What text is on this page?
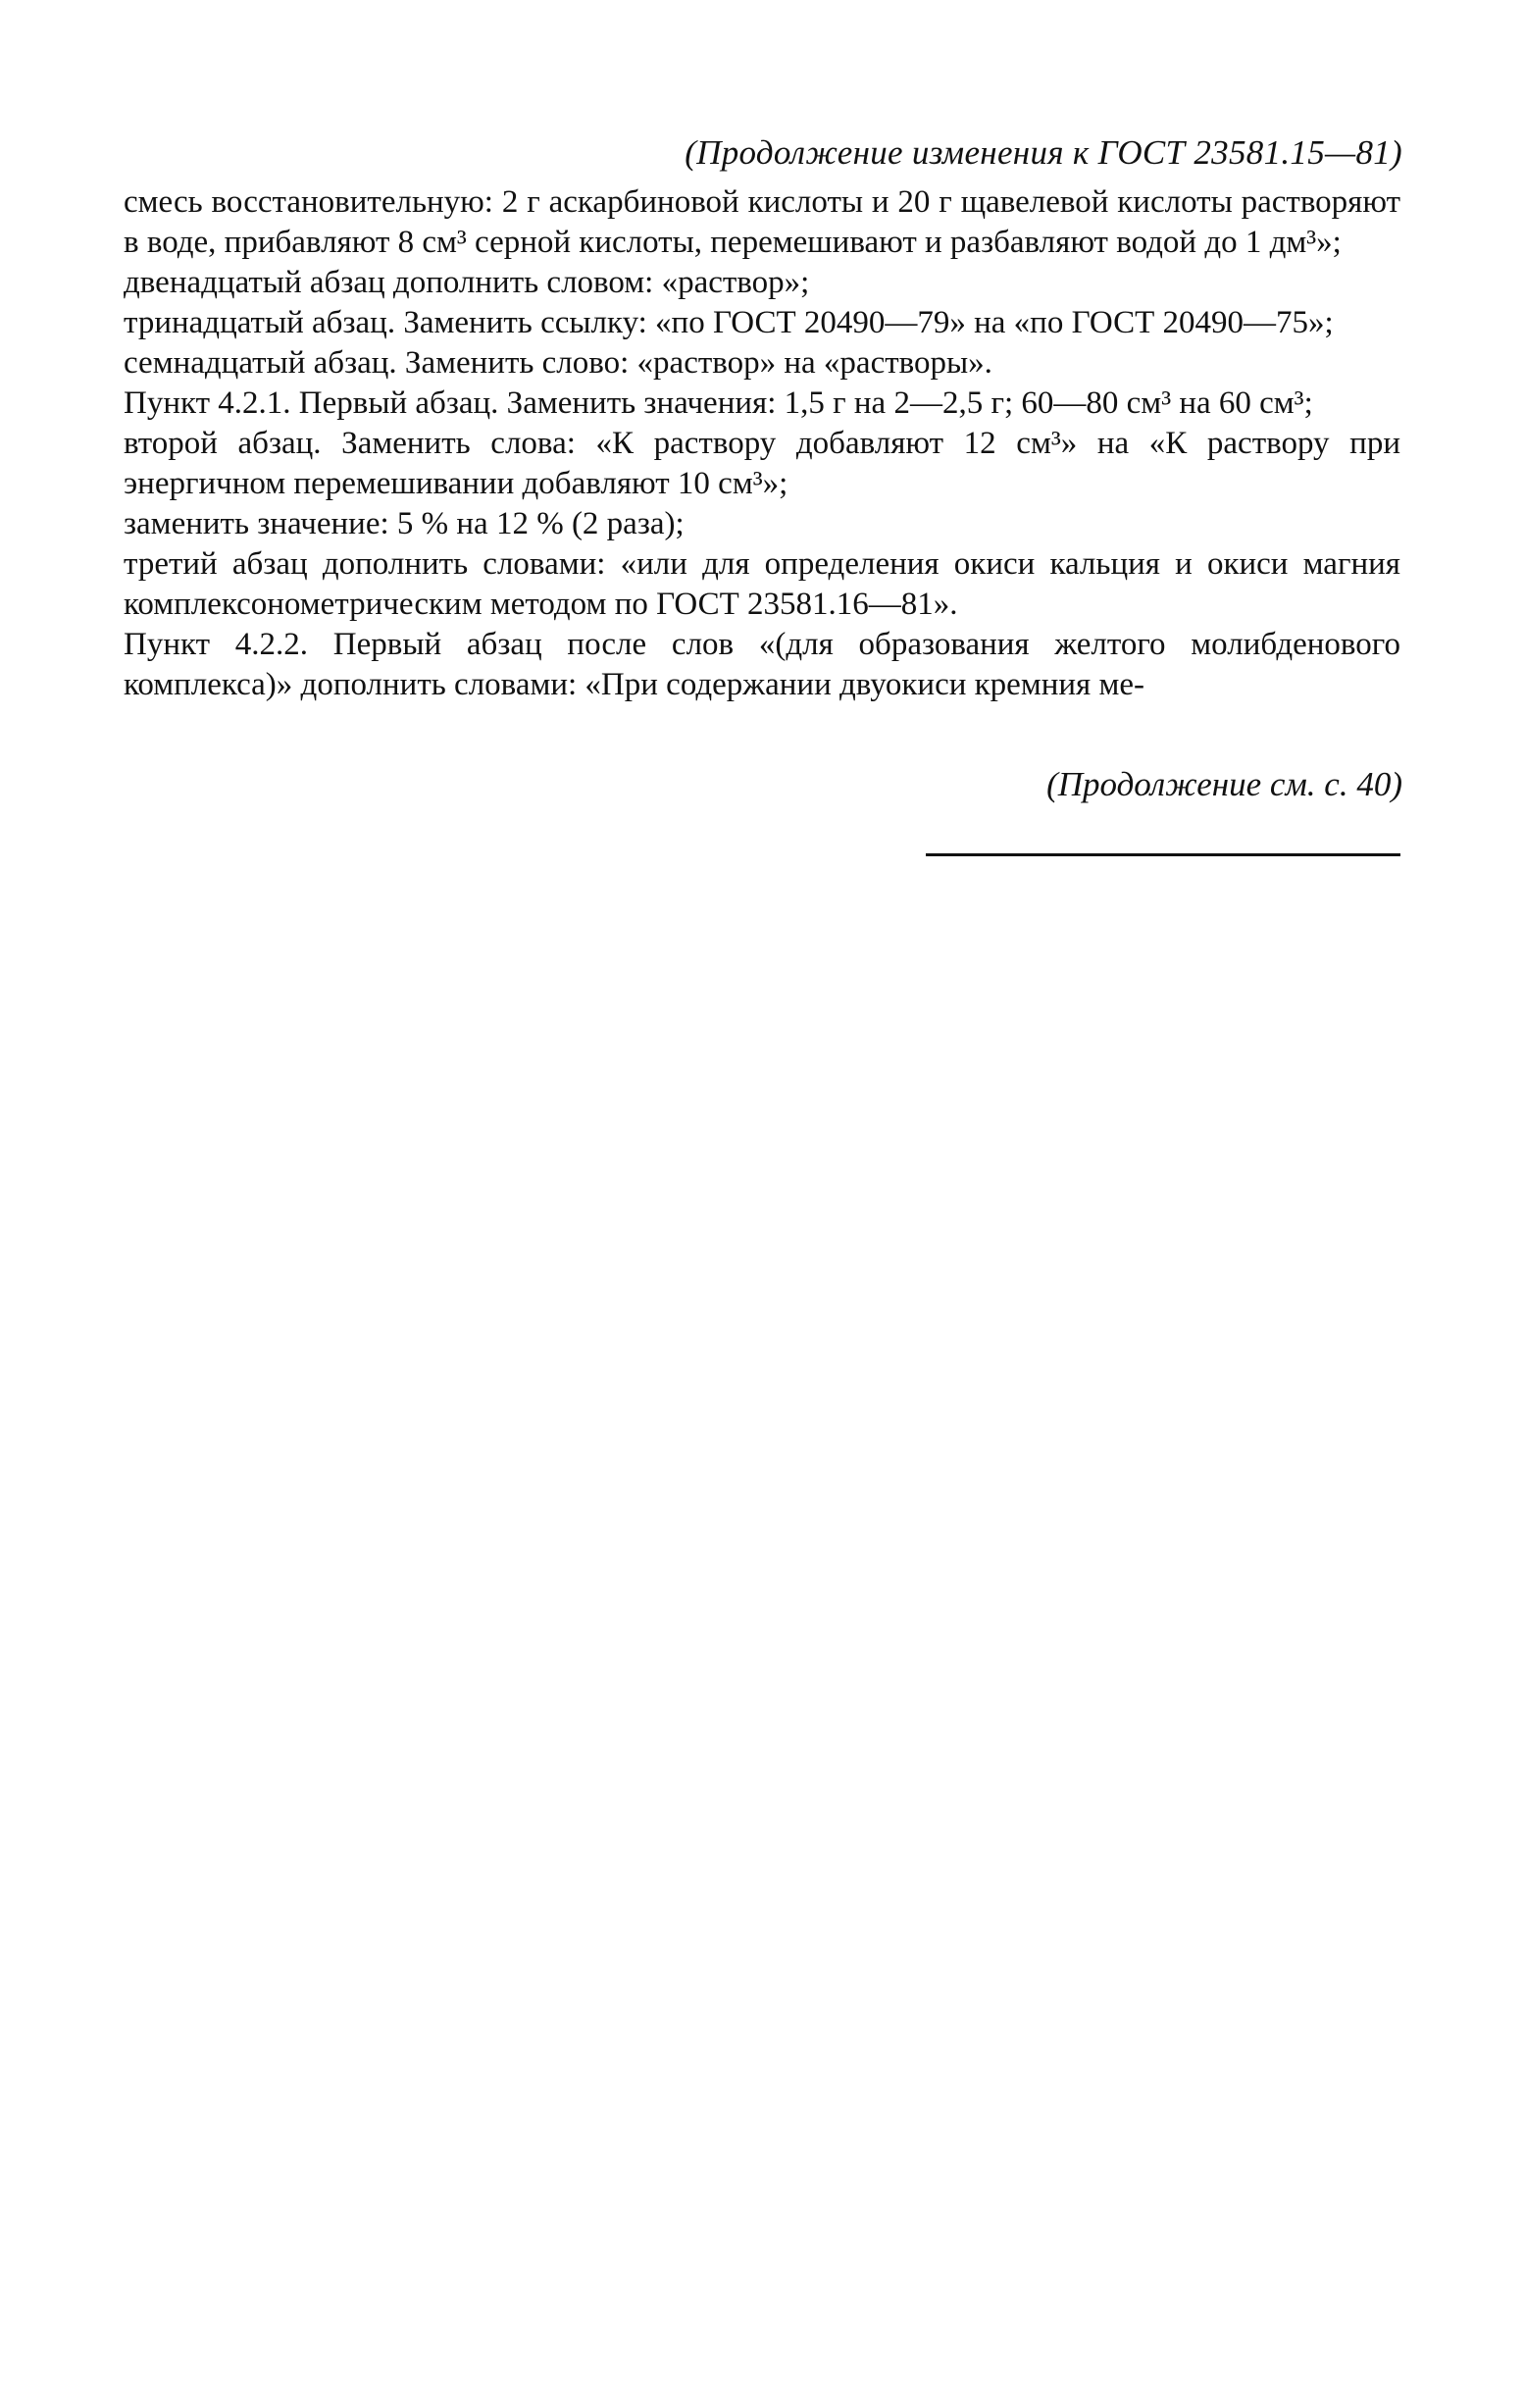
(Продолжение изменения к ГОСТ 23581.15—81)

смесь восстановительную: 2 г аскарбиновой кислоты и 20 г щавелевой кислоты растворяют в воде, прибавляют 8 см³ серной кислоты, перемешивают и разбавляют водой до 1 дм³»;

двенадцатый абзац дополнить словом: «раствор»;

тринадцатый абзац. Заменить ссылку: «по ГОСТ 20490—79» на «по ГОСТ 20490—75»;

семнадцатый абзац. Заменить слово: «раствор» на «растворы».

Пункт 4.2.1. Первый абзац. Заменить значения: 1,5 г на 2—2,5 г; 60—80 см³ на 60 см³;

второй абзац. Заменить слова: «К раствору добавляют 12 см³» на «К раствору при энергичном перемешивании добавляют 10 см³»;

заменить значение: 5 % на 12 % (2 раза);

третий абзац дополнить словами: «или для определения окиси кальция и окиси магния комплексонометрическим методом по ГОСТ 23581.16—81».

Пункт 4.2.2. Первый абзац после слов «(для образования желтого молибденового комплекса)» дополнить словами: «При содержании двуокиси кремния ме-

(Продолжение см. с. 40)
